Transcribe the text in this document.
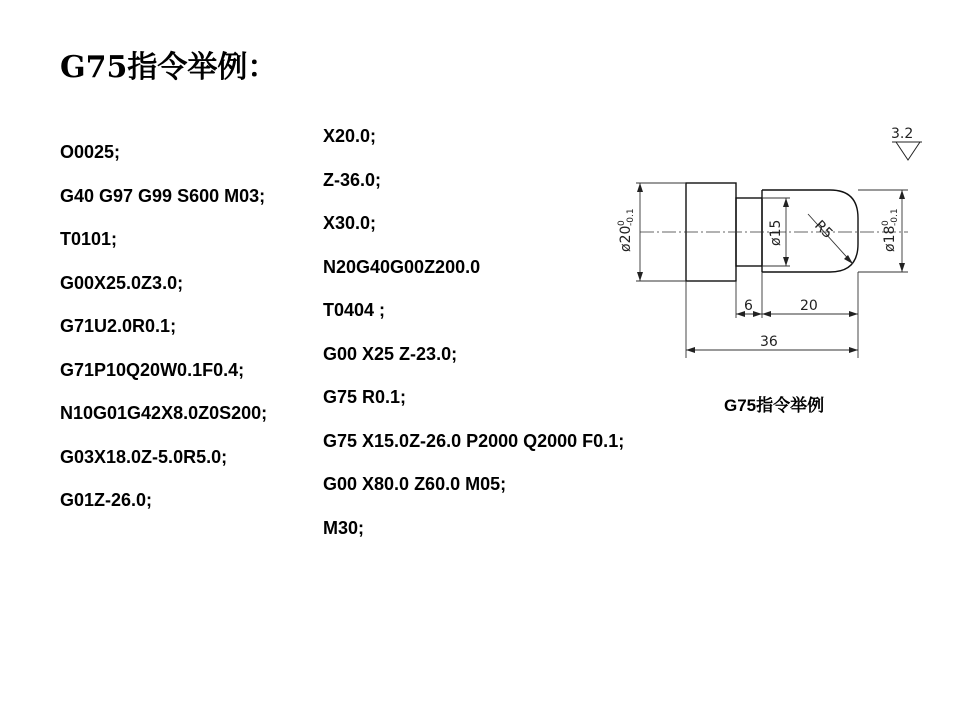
G75指令举例：
O0025;
G40 G97 G99 S600 M03;
T0101;
G00X25.0Z3.0;
G71U2.0R0.1;
G71P10Q20W0.1F0.4;
N10G01G42X8.0Z0S200;
G03X18.0Z-5.0R5.0;
G01Z-26.0;
X20.0;
Z-36.0;
X30.0;
N20G40G00Z200.0
T0404 ;
G00 X25 Z-23.0;
G75 R0.1;
G75 X15.0Z-26.0 P2000 Q2000 F0.1;
G00 X80.0 Z60.0 M05;
M30;
3.2
ø20
0 -0.1
ø15 R5	ø18
0 -0.1
6	20
36
G75指令举例
